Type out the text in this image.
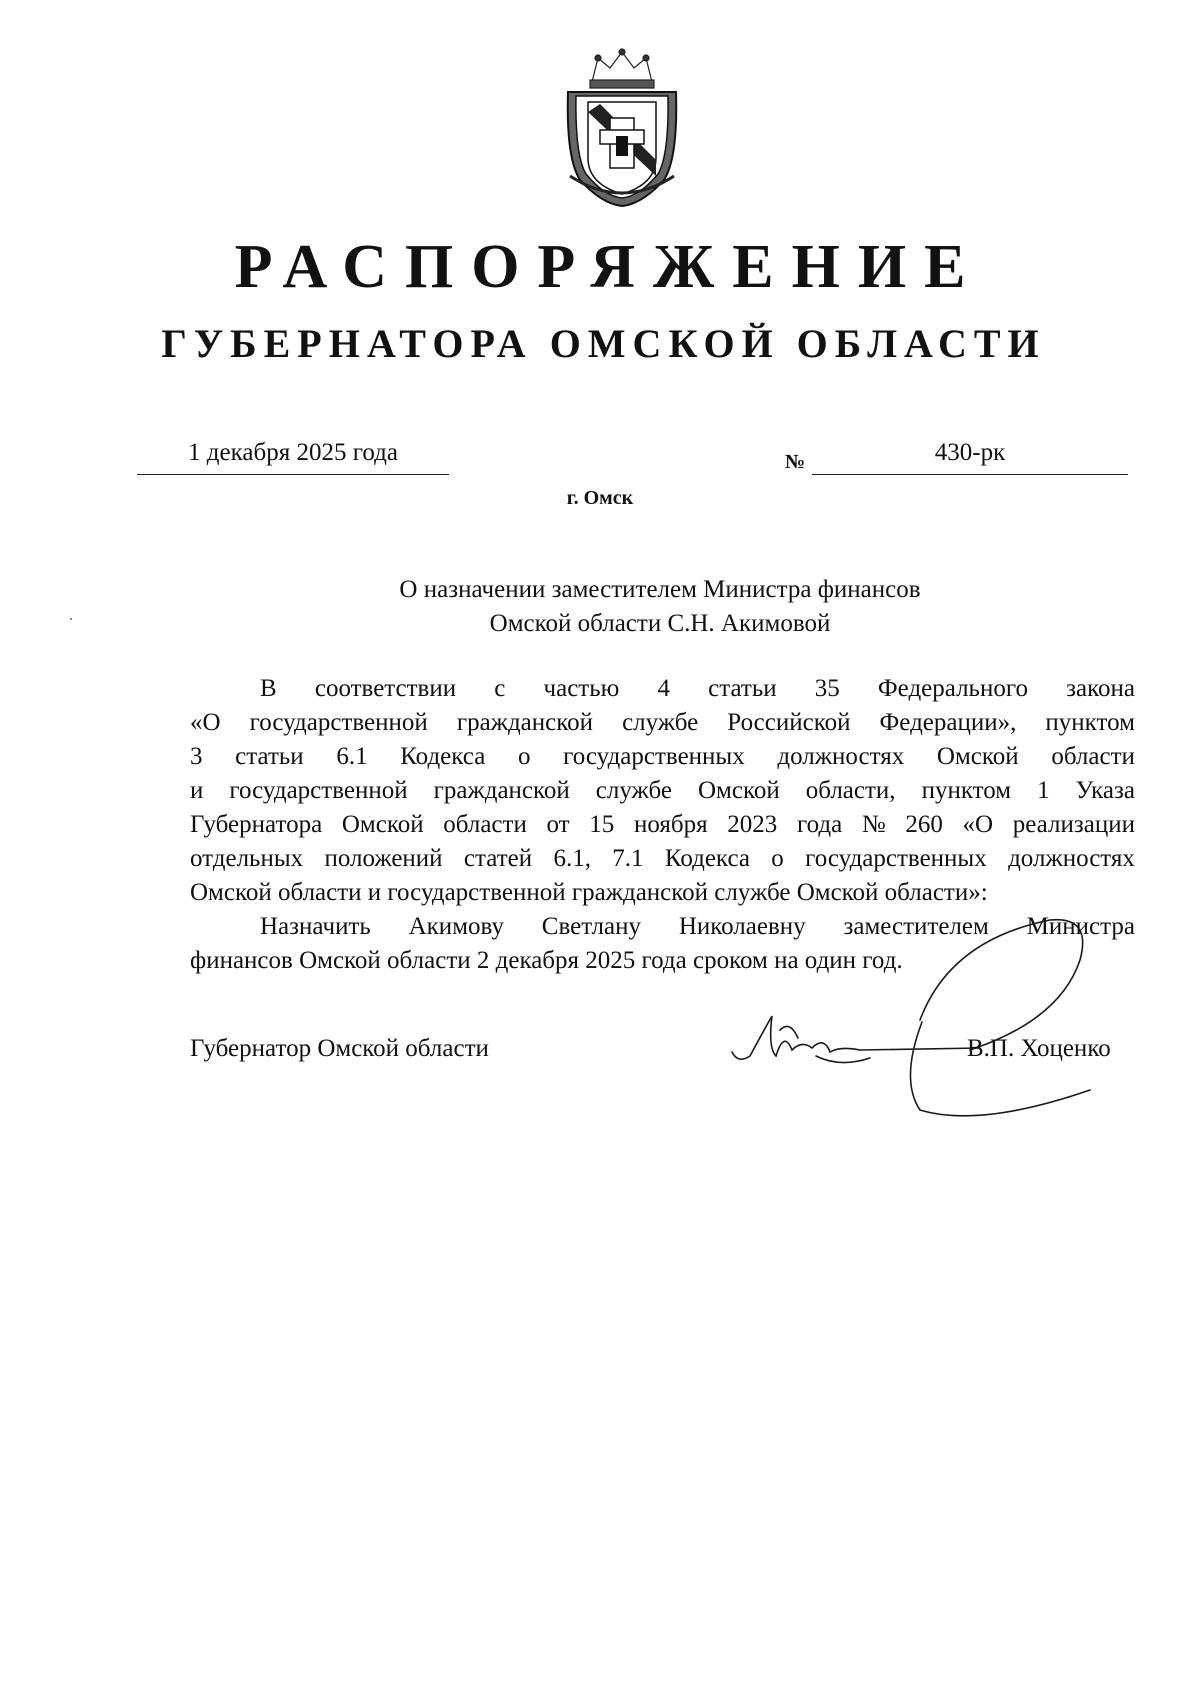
РАСПОРЯЖЕНИЕ
ГУБЕРНАТОРА ОМСКОЙ ОБЛАСТИ
1 декабря 2025 года	№	430-рк
г. Омск
О назначении заместителем Министра финансов
Омской области С.Н. Акимовой
В соответствии с частью 4 статьи 35 Федерального закона
«О государственной гражданской службе Российской Федерации», пунктом
3 статьи 6.1 Кодекса о государственных должностях Омской области
и государственной гражданской службе Омской области, пунктом 1 Указа
Губернатора Омской области от 15 ноября 2023 года № 260 «О реализации
отдельных положений статей 6.1, 7.1 Кодекса о государственных должностях
Омской области и государственной гражданской службе Омской области»:
Назначить Акимову Светлану Николаевну заместителем Министра
финансов Омской области 2 декабря 2025 года сроком на один год.
Губернатор Омской области	В.П. Хоценко
